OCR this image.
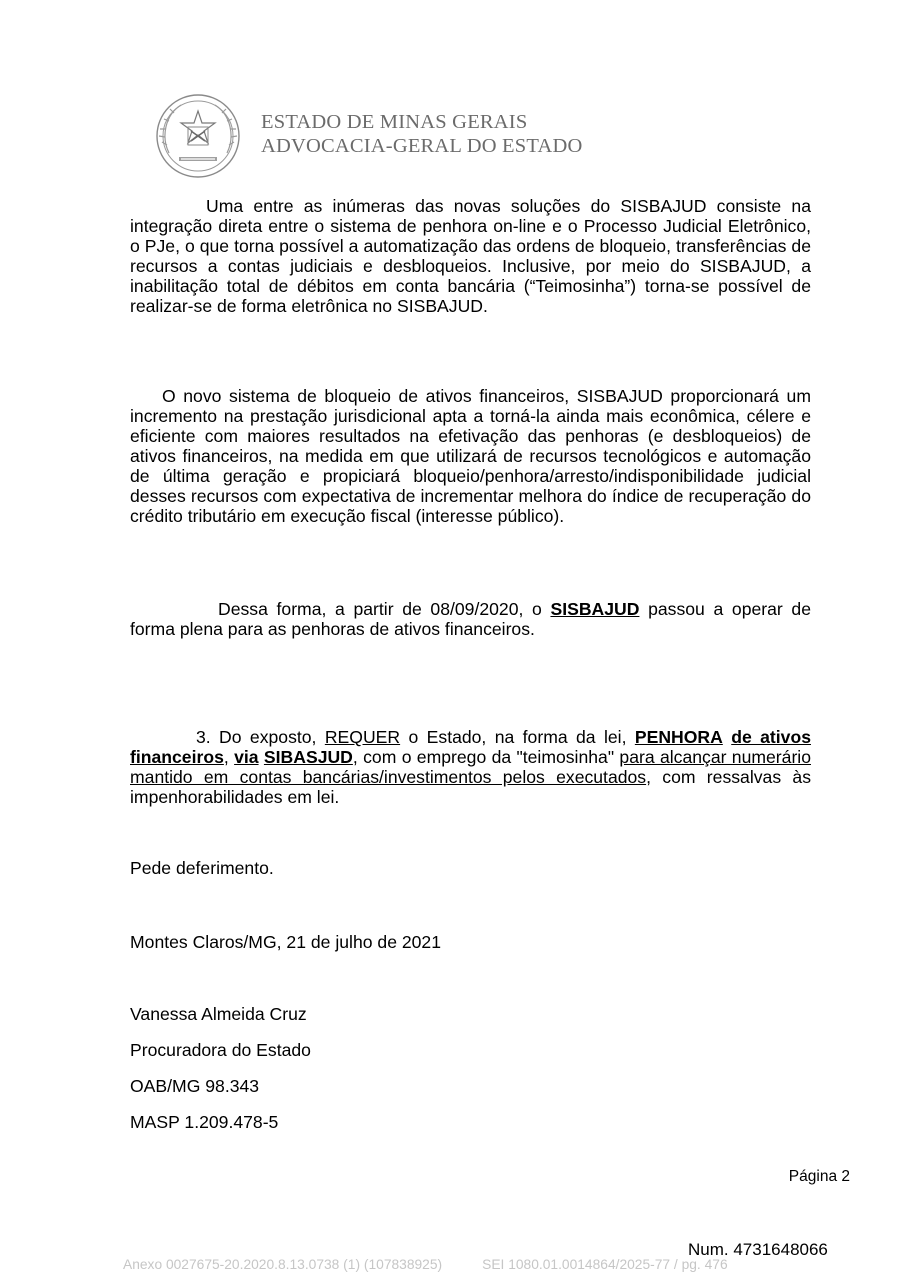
ESTADO DE MINAS GERAIS
ADVOCACIA-GERAL DO ESTADO

Uma entre as inúmeras das novas soluções do SISBAJUD consiste na integração direta entre o sistema de penhora on-line e o Processo Judicial Eletrônico, o PJe, o que torna possível a automatização das ordens de bloqueio, transferências de recursos a contas judiciais e desbloqueios. Inclusive, por meio do SISBAJUD, a inabilitação total de débitos em conta bancária (“Teimosinha”) torna-se possível de realizar-se de forma eletrônica no SISBAJUD.

O novo sistema de bloqueio de ativos financeiros, SISBAJUD proporcionará um incremento na prestação jurisdicional apta a torná-la ainda mais econômica, célere e eficiente com maiores resultados na efetivação das penhoras (e desbloqueios) de ativos financeiros, na medida em que utilizará de recursos tecnológicos e automação de última geração e propiciará bloqueio/penhora/arresto/indisponibilidade judicial desses recursos com expectativa de incrementar melhora do índice de recuperação do crédito tributário em execução fiscal (interesse público).

Dessa forma, a partir de 08/09/2020, o SISBAJUD passou a operar de forma plena para as penhoras de ativos financeiros.

3. Do exposto, REQUER o Estado, na forma da lei, PENHORA de ativos financeiros, via SIBASJUD, com o emprego da "teimosinha" para alcançar numerário mantido em contas bancárias/investimentos pelos executados, com ressalvas às impenhorabilidades em lei.

Pede deferimento.
Montes Claros/MG, 21 de julho de 2021
Vanessa Almeida Cruz
Procuradora do Estado
OAB/MG 98.343
MASP 1.209.478-5
Página 2
Num. 4731648066
Anexo 0027675-20.2020.8.13.0738 (1) (107838925)	SEI 1080.01.0014864/2025-77 / pg. 476
